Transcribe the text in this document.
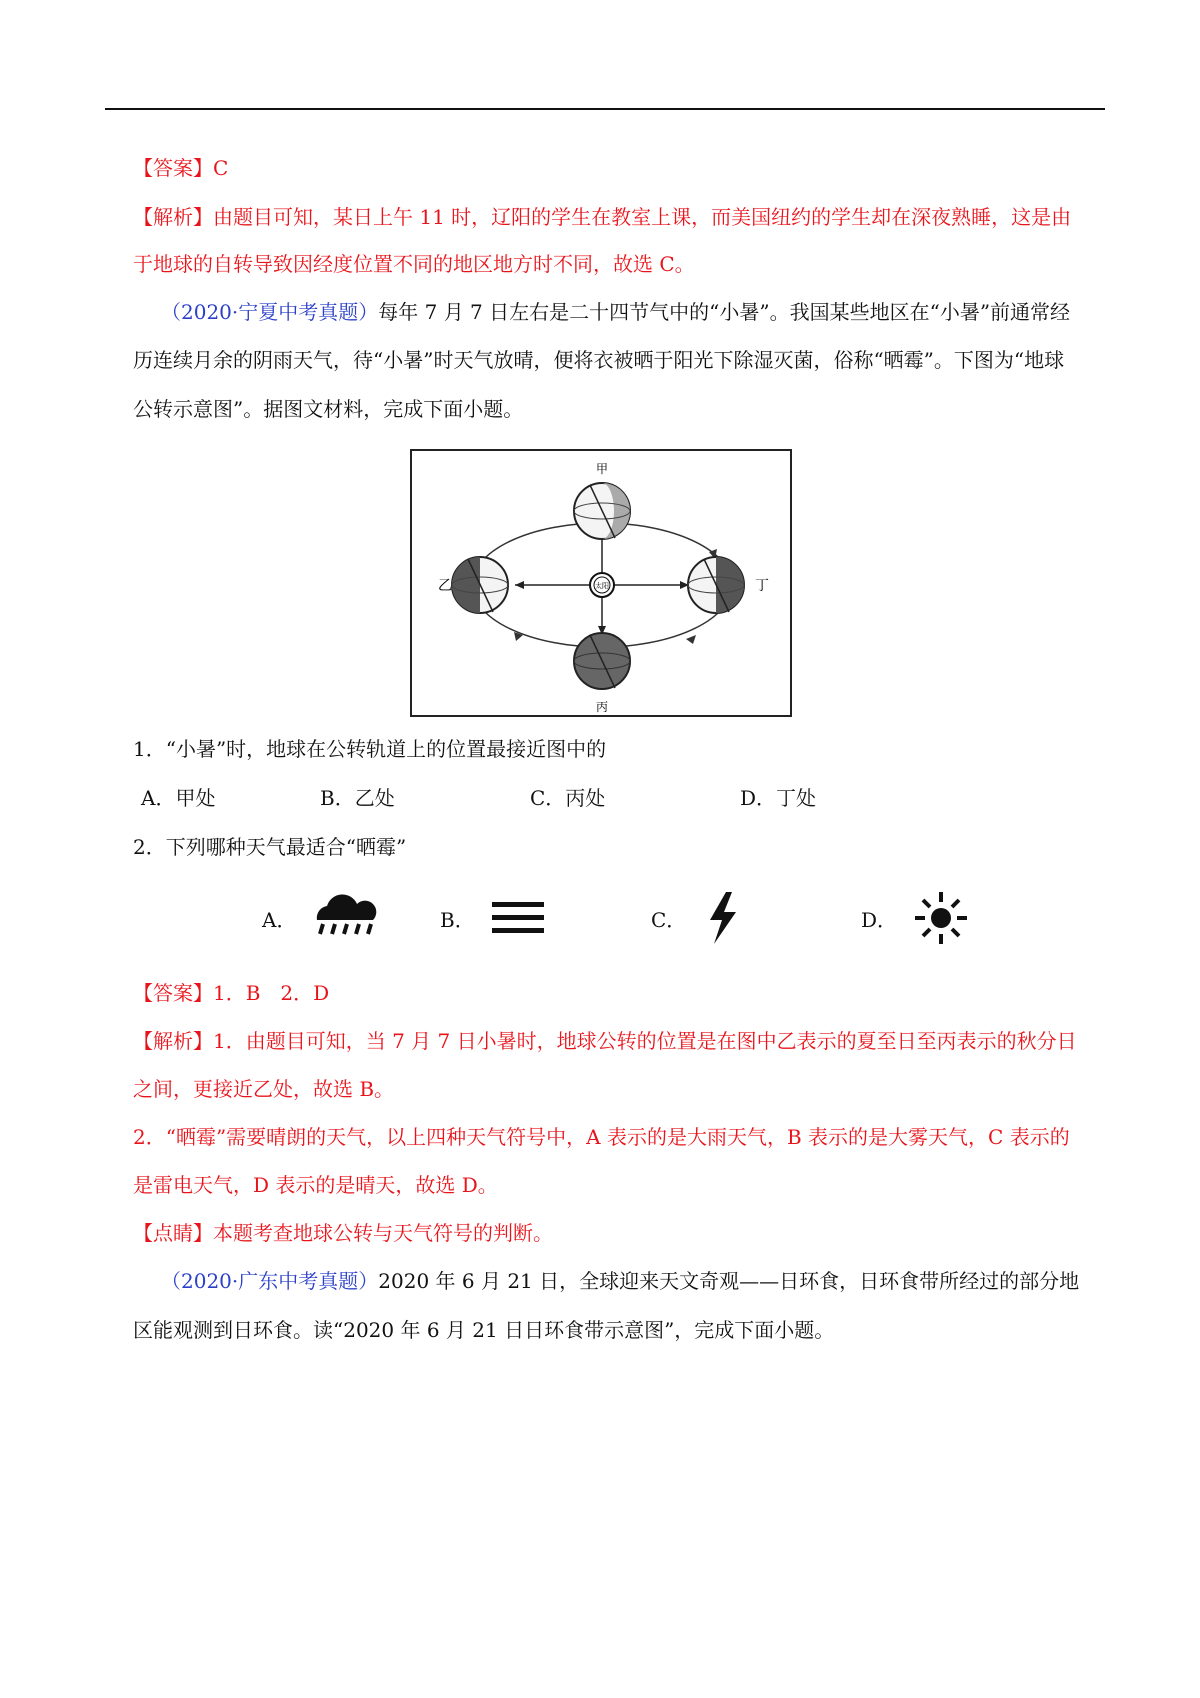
【答案】C
【解析】由题目可知，某日上午 11 时，辽阳的学生在教室上课，而美国纽约的学生却在深夜熟睡，这是由
于地球的自转导致因经度位置不同的地区地方时不同，故选 C。
（2020·宁夏中考真题）每年 7 月 7 日左右是二十四节气中的“小暑”。我国某些地区在“小暑”前通常经
历连续月余的阴雨天气，待“小暑”时天气放晴，便将衣被晒于阳光下除湿灭菌，俗称“晒霉”。下图为“地球
公转示意图”。据图文材料，完成下面小题。
甲
乙	丁
丙
太阳
1．“小暑”时，地球在公转轨道上的位置最接近图中的
A．甲处	B．乙处	C．丙处	D．丁处
2．下列哪种天气最适合“晒霉”
A．	B．	C．	D．
【答案】1．B　2．D
【解析】1．由题目可知，当 7 月 7 日小暑时，地球公转的位置是在图中乙表示的夏至日至丙表示的秋分日
之间，更接近乙处，故选 B。
2．“晒霉”需要晴朗的天气，以上四种天气符号中，A 表示的是大雨天气，B 表示的是大雾天气，C 表示的
是雷电天气，D 表示的是晴天，故选 D。
【点睛】本题考查地球公转与天气符号的判断。
（2020·广东中考真题）2020 年 6 月 21 日，全球迎来天文奇观——日环食，日环食带所经过的部分地
区能观测到日环食。读“2020 年 6 月 21 日日环食带示意图”，完成下面小题。
